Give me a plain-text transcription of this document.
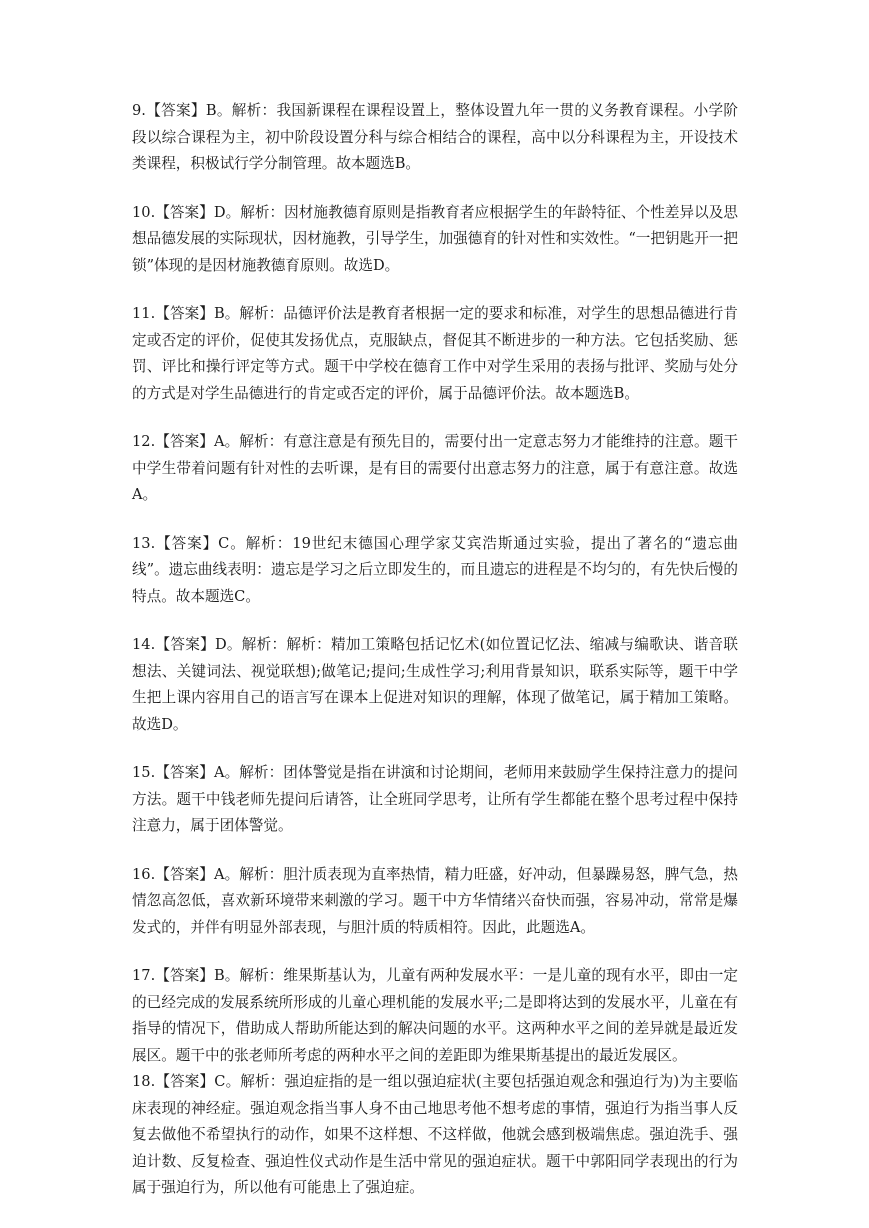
9.【答案】B。解析：我国新课程在课程设置上，整体设置九年一贯的义务教育课程。小学阶段以综合课程为主，初中阶段设置分科与综合相结合的课程，高中以分科课程为主，开设技术类课程，积极试行学分制管理。故本题选B。

10.【答案】D。解析：因材施教德育原则是指教育者应根据学生的年龄特征、个性差异以及思想品德发展的实际现状，因材施教，引导学生，加强德育的针对性和实效性。“一把钥匙开一把锁”体现的是因材施教德育原则。故选D。

11.【答案】B。解析：品德评价法是教育者根据一定的要求和标准，对学生的思想品德进行肯定或否定的评价，促使其发扬优点，克服缺点，督促其不断进步的一种方法。它包括奖励、惩罚、评比和操行评定等方式。题干中学校在德育工作中对学生采用的表扬与批评、奖励与处分的方式是对学生品德进行的肯定或否定的评价，属于品德评价法。故本题选B。

12.【答案】A。解析：有意注意是有预先目的，需要付出一定意志努力才能维持的注意。题干中学生带着问题有针对性的去听课，是有目的需要付出意志努力的注意，属于有意注意。故选A。

13.【答案】C。解析：19世纪末德国心理学家艾宾浩斯通过实验，提出了著名的“遗忘曲线”。遗忘曲线表明：遗忘是学习之后立即发生的，而且遗忘的进程是不均匀的，有先快后慢的特点。故本题选C。

14.【答案】D。解析：解析：精加工策略包括记忆术(如位置记忆法、缩减与编歌诀、谐音联想法、关键词法、视觉联想);做笔记;提问;生成性学习;利用背景知识，联系实际等，题干中学生把上课内容用自己的语言写在课本上促进对知识的理解，体现了做笔记，属于精加工策略。故选D。

15.【答案】A。解析：团体警觉是指在讲演和讨论期间，老师用来鼓励学生保持注意力的提问方法。题干中钱老师先提问后请答，让全班同学思考，让所有学生都能在整个思考过程中保持注意力，属于团体警觉。

16.【答案】A。解析：胆汁质表现为直率热情，精力旺盛，好冲动，但暴躁易怒，脾气急，热情忽高忽低，喜欢新环境带来刺激的学习。题干中方华情绪兴奋快而强，容易冲动，常常是爆发式的，并伴有明显外部表现，与胆汁质的特质相符。因此，此题选A。

17.【答案】B。解析：维果斯基认为，儿童有两种发展水平：一是儿童的现有水平，即由一定的已经完成的发展系统所形成的儿童心理机能的发展水平;二是即将达到的发展水平，儿童在有指导的情况下，借助成人帮助所能达到的解决问题的水平。这两种水平之间的差异就是最近发展区。题干中的张老师所考虑的两种水平之间的差距即为维果斯基提出的最近发展区。

18.【答案】C。解析：强迫症指的是一组以强迫症状(主要包括强迫观念和强迫行为)为主要临床表现的神经症。强迫观念指当事人身不由己地思考他不想考虑的事情，强迫行为指当事人反复去做他不希望执行的动作，如果不这样想、不这样做，他就会感到极端焦虑。强迫洗手、强迫计数、反复检查、强迫性仪式动作是生活中常见的强迫症状。题干中郭阳同学表现出的行为属于强迫行为，所以他有可能患上了强迫症。
